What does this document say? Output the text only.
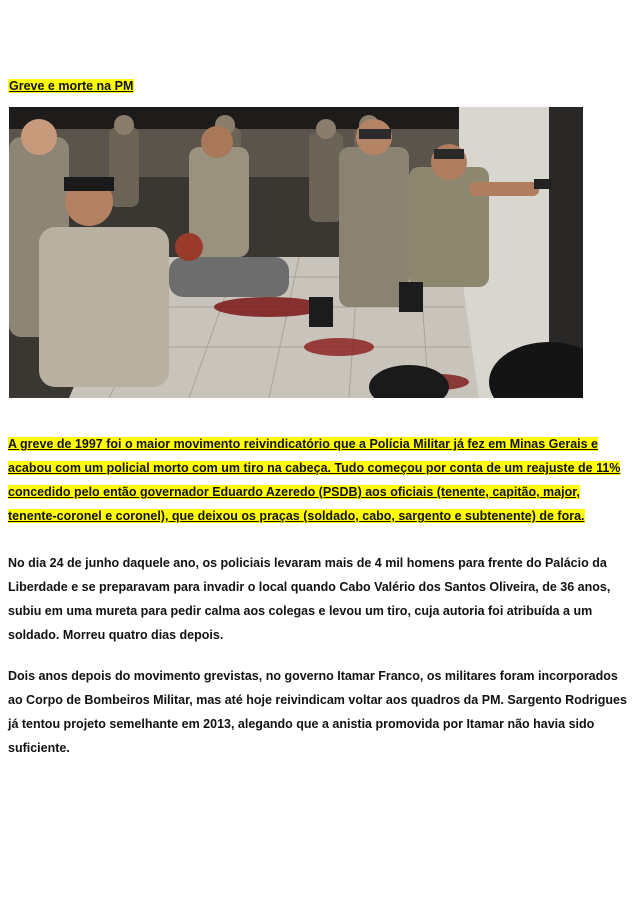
Greve e morte na PM
A greve de 1997 foi o maior movimento reivindicatório que a Polícia Militar já fez em Minas Gerais e acabou com um policial morto com um tiro na cabeça. Tudo começou por conta de um reajuste de 11% concedido pelo então governador Eduardo Azeredo (PSDB) aos oficiais (tenente, capitão, major, tenente-coronel e coronel), que deixou os praças (soldado, cabo, sargento e subtenente) de fora.
No dia 24 de junho daquele ano, os policiais levaram mais de 4 mil homens para frente do Palácio da Liberdade e se preparavam para invadir o local quando Cabo Valério dos Santos Oliveira, de 36 anos, subiu em uma mureta para pedir calma aos colegas e levou um tiro, cuja autoria foi atribuída a um soldado. Morreu quatro dias depois.
Dois anos depois do movimento grevistas, no governo Itamar Franco, os militares foram incorporados ao Corpo de Bombeiros Militar, mas até hoje reivindicam voltar aos quadros da PM. Sargento Rodrigues já tentou projeto semelhante em 2013, alegando que a anistia promovida por Itamar não havia sido suficiente.
